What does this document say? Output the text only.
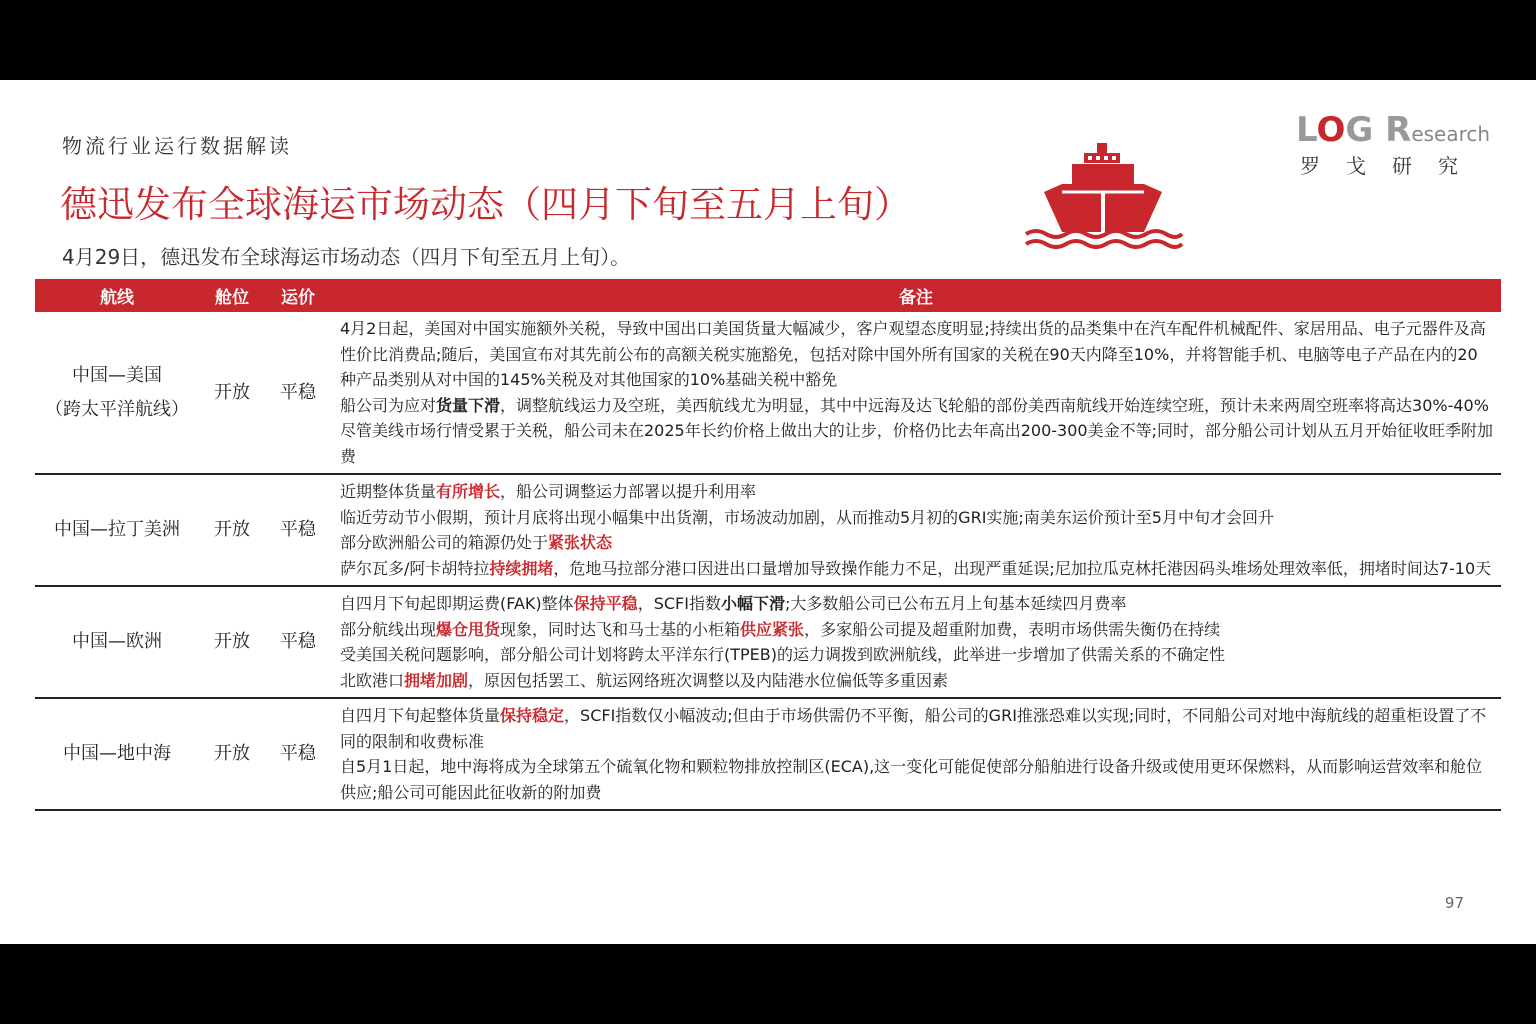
物流行业运行数据解读
德迅发布全球海运市场动态（四月下旬至五月上旬）
4月29日，德迅发布全球海运市场动态（四月下旬至五月上旬）。
LOG Research
罗戈研究
航线	舱位	运价	备注
中国—美国
（跨太平洋航线）	开放	平稳	4月2日起，美国对中国实施额外关税，导致中国出口美国货量大幅减少，客户观望态度明显;持续出货的品类集中在汽车配件机械配件、家居用品、电子元器件及高性价比消费品;随后，美国宣布对其先前公布的高额关税实施豁免，包括对除中国外所有国家的关税在90天内降至10%，并将智能手机、电脑等电子产品在内的20种产品类别从对中国的145%关税及对其他国家的10%基础关税中豁免
船公司为应对货量下滑，调整航线运力及空班，美西航线尤为明显，其中中远海及达飞轮船的部份美西南航线开始连续空班，预计未来两周空班率将高达30%-40%
尽管美线市场行情受累于关税，船公司未在2025年长约价格上做出大的让步，价格仍比去年高出200-300美金不等;同时，部分船公司计划从五月开始征收旺季附加费

中国—拉丁美洲	开放	平稳	近期整体货量有所增长，船公司调整运力部署以提升利用率
临近劳动节小假期，预计月底将出现小幅集中出货潮，市场波动加剧，从而推动5月初的GRI实施;南美东运价预计至5月中旬才会回升
部分欧洲船公司的箱源仍处于紧张状态
萨尔瓦多/阿卡胡特拉持续拥堵，危地马拉部分港口因进出口量增加导致操作能力不足，出现严重延误;尼加拉瓜克林托港因码头堆场处理效率低，拥堵时间达7-10天

中国—欧洲	开放	平稳	自四月下旬起即期运费(FAK)整体保持平稳，SCFI指数小幅下滑;大多数船公司已公布五月上旬基本延续四月费率
部分航线出现爆仓甩货现象，同时达飞和马士基的小柜箱供应紧张，多家船公司提及超重附加费，表明市场供需失衡仍在持续
受美国关税问题影响，部分船公司计划将跨太平洋东行(TPEB)的运力调拨到欧洲航线，此举进一步增加了供需关系的不确定性
北欧港口拥堵加剧，原因包括罢工、航运网络班次调整以及内陆港水位偏低等多重因素

中国—地中海	开放	平稳	自四月下旬起整体货量保持稳定，SCFI指数仅小幅波动;但由于市场供需仍不平衡，船公司的GRI推涨恐难以实现;同时，不同船公司对地中海航线的超重柜设置了不同的限制和收费标准
自5月1日起，地中海将成为全球第五个硫氧化物和颗粒物排放控制区(ECA),这一变化可能促使部分船舶进行设备升级或使用更环保燃料，从而影响运营效率和舱位供应;船公司可能因此征收新的附加费
97
